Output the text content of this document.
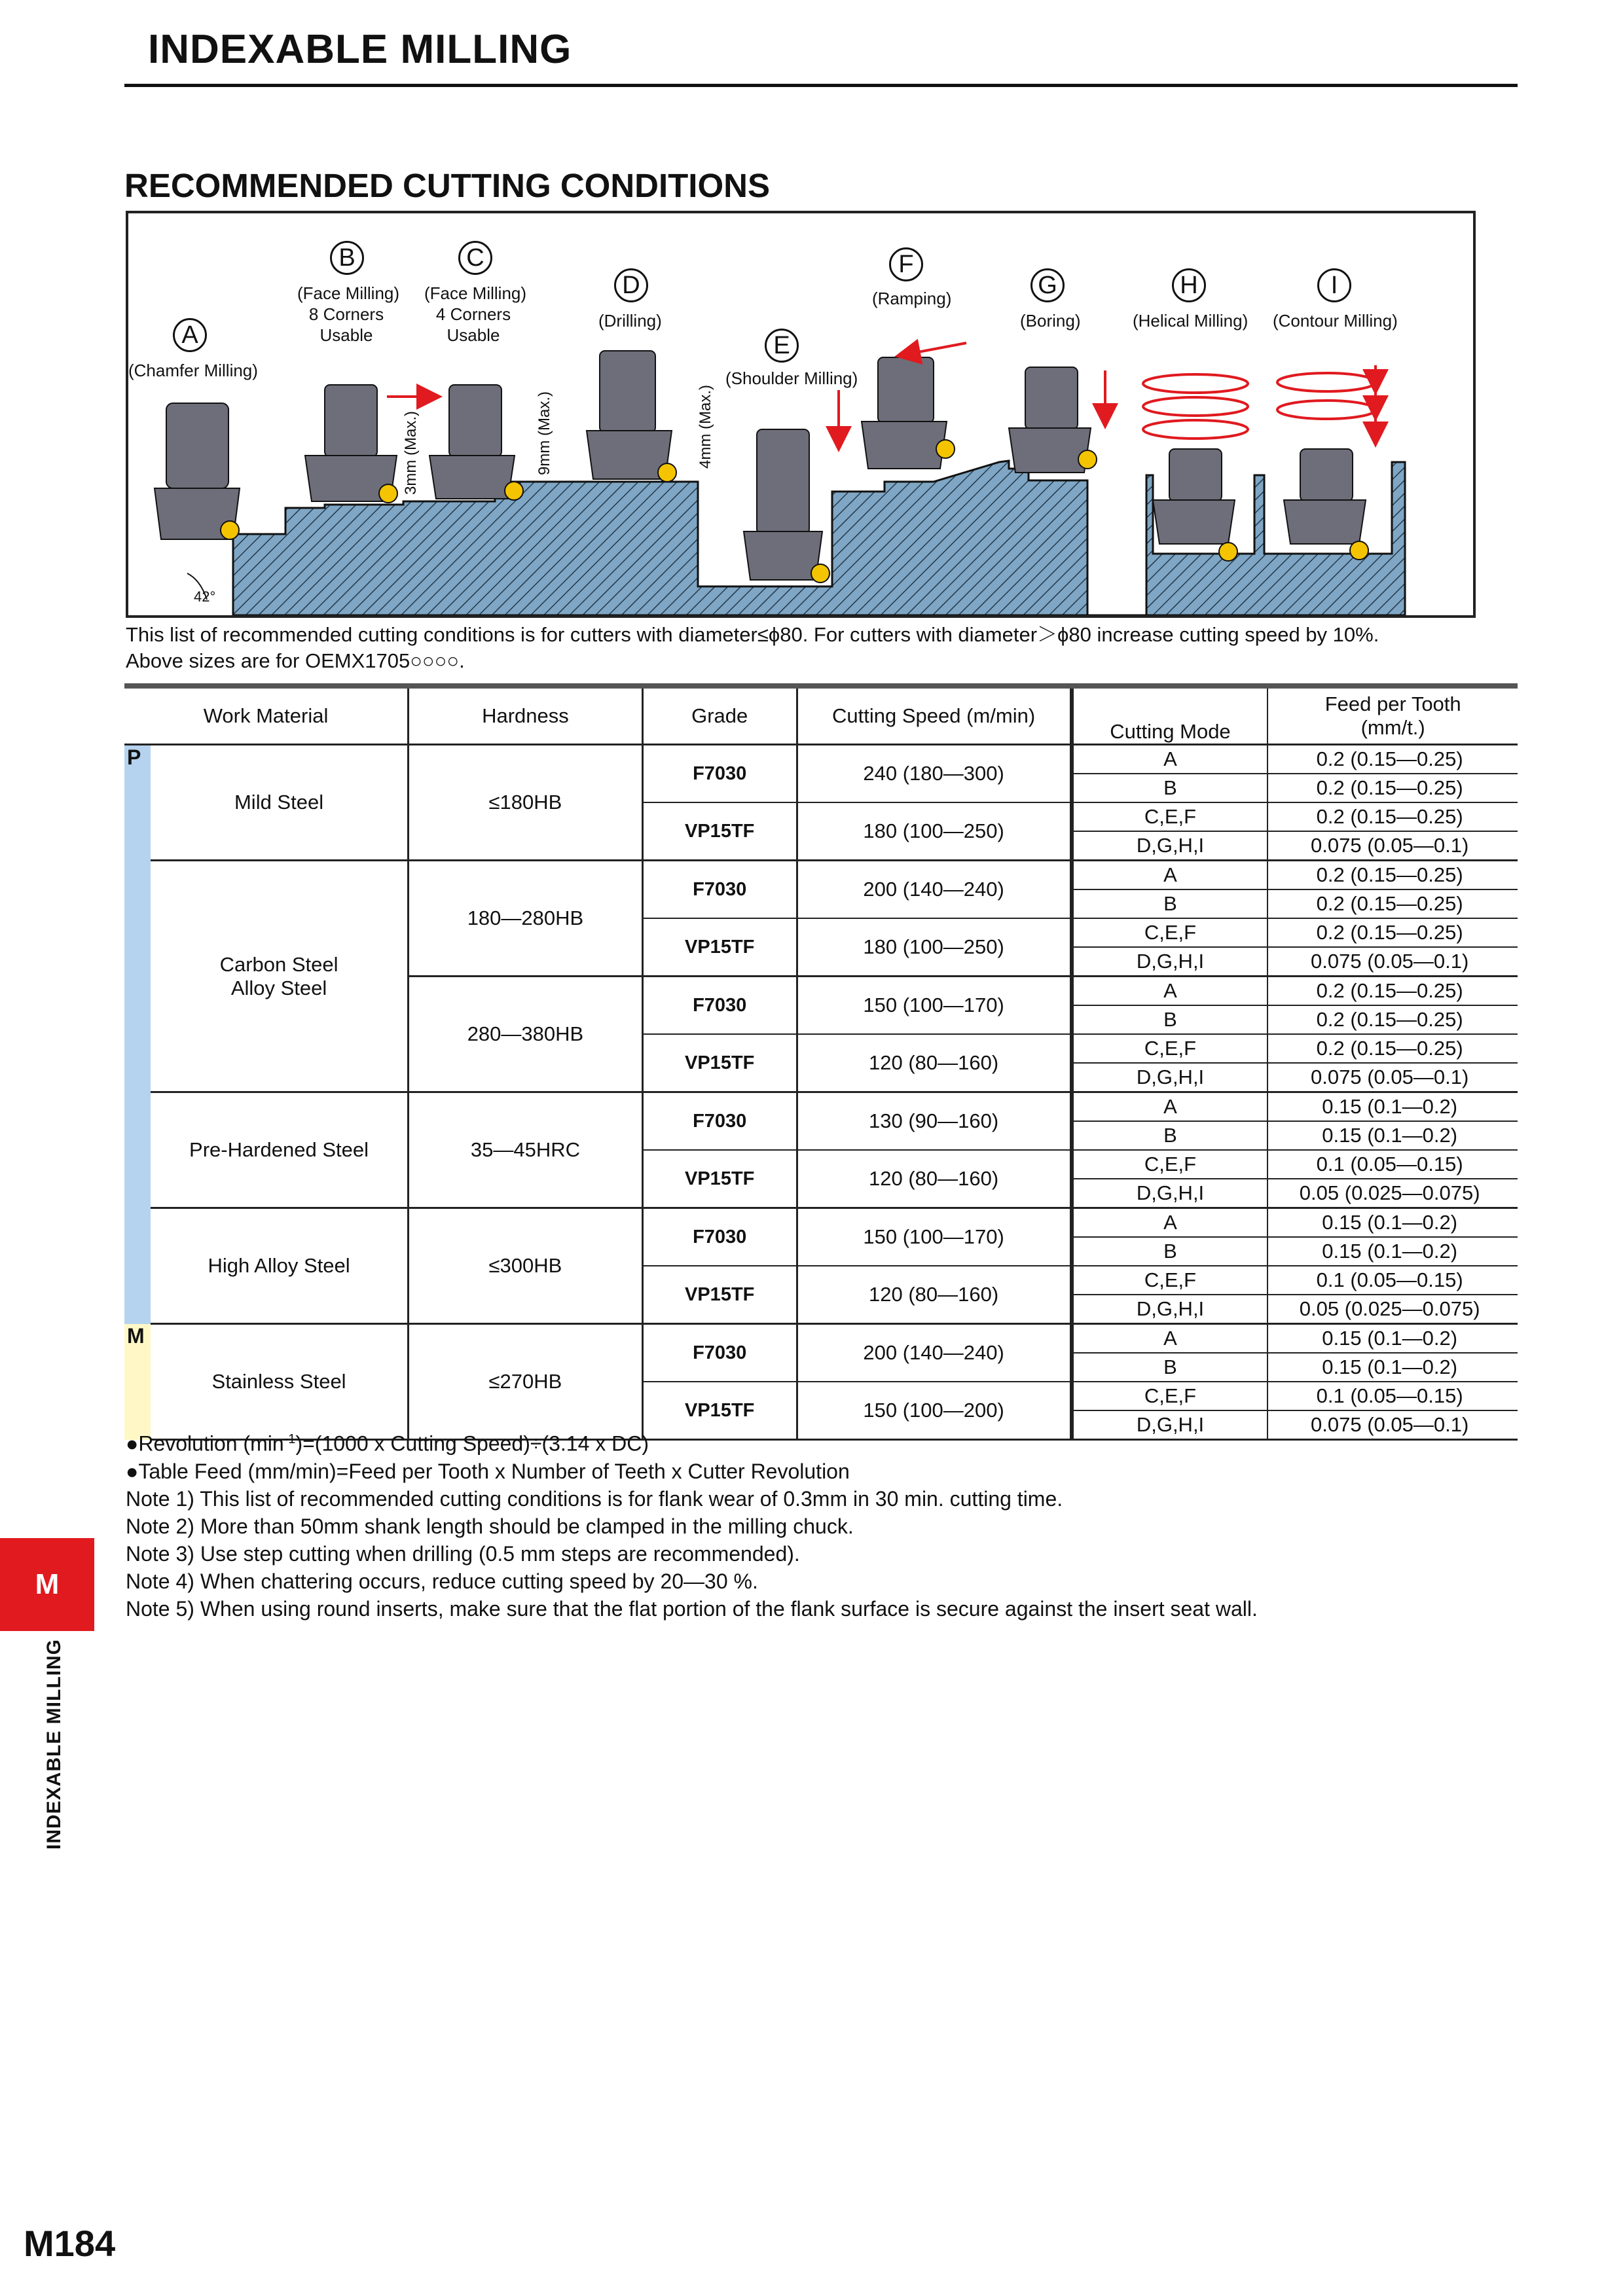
INDEXABLE MILLING
RECOMMENDED CUTTING CONDITIONS
A
(Chamfer Milling)
B
(Face Milling)
8 Corners
Usable
C
(Face Milling)
4 Corners
Usable
D
(Drilling)
E
(Shoulder Milling)
F
(Ramping)	G
(Boring)
H
(Helical Milling)
I
(Contour Milling)
3mm (Max.)	9mm (Max.)	4mm (Max.)
42°
This list of recommended cutting conditions is for cutters with diameter≤ϕ80. For cutters with diameter＞ϕ80 increase cutting speed by 10%.
Above sizes are for OEMX1705○○○○.
Work Material		Hardness	Grade	Cutting Speed (m/min)	Cutting Mode	Feed per Tooth
(mm/t.)

P	Mild Steel	≤180HB	F7030	240 (180—300)	A	0.2 (0.15—0.25)
					B	0.2 (0.15—0.25)
			VP15TF	180 (100—250)	C,E,F	0.2 (0.15—0.25)
					D,G,H,I	0.075 (0.05—0.1)

	Carbon Steel
Alloy Steel	180—280HB	F7030	200 (140—240)	A	0.2 (0.15—0.25)
					B	0.2 (0.15—0.25)
			VP15TF	180 (100—250)	C,E,F	0.2 (0.15—0.25)
					D,G,H,I	0.075 (0.05—0.1)
		280—380HB	F7030	150 (100—170)	A	0.2 (0.15—0.25)
					B	0.2 (0.15—0.25)
			VP15TF	120 (80—160)	C,E,F	0.2 (0.15—0.25)
					D,G,H,I	0.075 (0.05—0.1)

	Pre-Hardened Steel	35—45HRC	F7030	130 (90—160)	A	0.15 (0.1—0.2)
					B	0.15 (0.1—0.2)
			VP15TF	120 (80—160)	C,E,F	0.1 (0.05—0.15)
					D,G,H,I	0.05 (0.025—0.075)

	High Alloy Steel	≤300HB	F7030	150 (100—170)	A	0.15 (0.1—0.2)
					B	0.15 (0.1—0.2)
			VP15TF	120 (80—160)	C,E,F	0.1 (0.05—0.15)
					D,G,H,I	0.05 (0.025—0.075)
M	Stainless Steel	≤270HB	F7030	200 (140—240)	A	0.15 (0.1—0.2)
					B	0.15 (0.1—0.2)
			VP15TF	150 (100—200)	C,E,F	0.1 (0.05—0.15)
					D,G,H,I	0.075 (0.05—0.1)
●Revolution $(\min^{-1})=(1000$ x Cutting Speed)÷(3.14 x DC)
●Table Feed (mm/min)=Feed per Tooth x Number of Teeth x Cutter Revolution
Note 1) This list of recommended cutting conditions is for flank wear of 0.3mm in 30 min. cutting time.
Note 2) More than 50mm shank length should be clamped in the milling chuck.
Note 3) Use step cutting when drilling (0.5 mm steps are recommended).
Note 4) When chattering occurs, reduce cutting speed by 20—30 %.
Note 5) When using round inserts, make sure that the flat portion of the flank surface is secure against the insert seat wall.
M
INDEXABLE MILLING
M184
